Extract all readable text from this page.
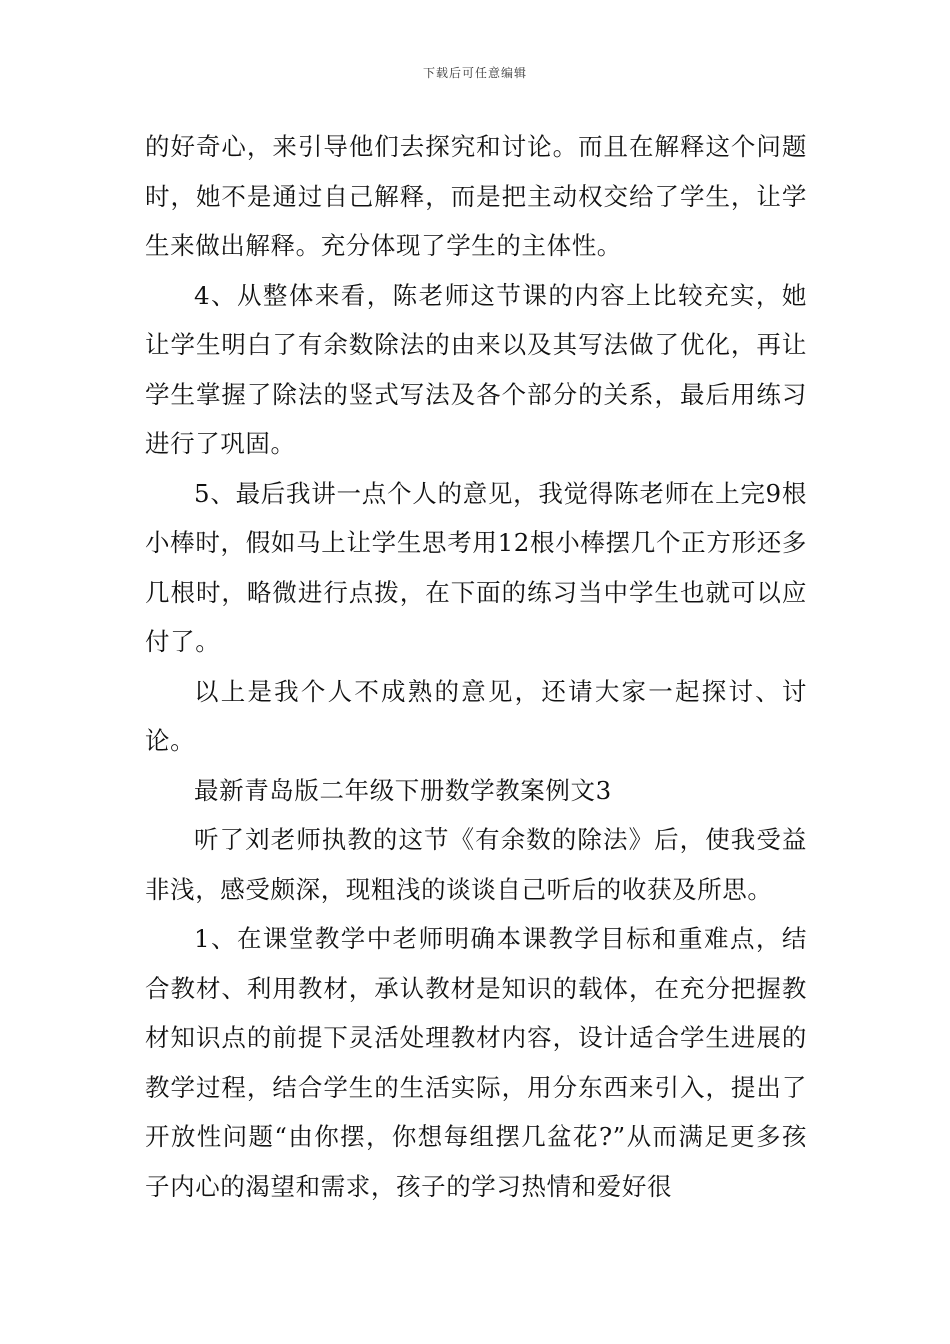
下载后可任意编辑

的好奇心，来引导他们去探究和讨论。而且在解释这个问题时，她不是通过自己解释，而是把主动权交给了学生，让学生来做出解释。充分体现了学生的主体性。

4、从整体来看，陈老师这节课的内容上比较充实，她让学生明白了有余数除法的由来以及其写法做了优化，再让学生掌握了除法的竖式写法及各个部分的关系，最后用练习进行了巩固。

5、最后我讲一点个人的意见，我觉得陈老师在上完9根小棒时，假如马上让学生思考用12根小棒摆几个正方形还多几根时，略微进行点拨，在下面的练习当中学生也就可以应付了。

以上是我个人不成熟的意见，还请大家一起探讨、讨论。

最新青岛版二年级下册数学教案例文3

听了刘老师执教的这节《有余数的除法》后，使我受益非浅，感受颇深，现粗浅的谈谈自己听后的收获及所思。

1、在课堂教学中老师明确本课教学目标和重难点，结合教材、利用教材，承认教材是知识的载体，在充分把握教材知识点的前提下灵活处理教材内容，设计适合学生进展的教学过程，结合学生的生活实际，用分东西来引入，提出了开放性问题“由你摆，你想每组摆几盆花?”从而满足更多孩子内心的渴望和需求，孩子的学习热情和爱好很
